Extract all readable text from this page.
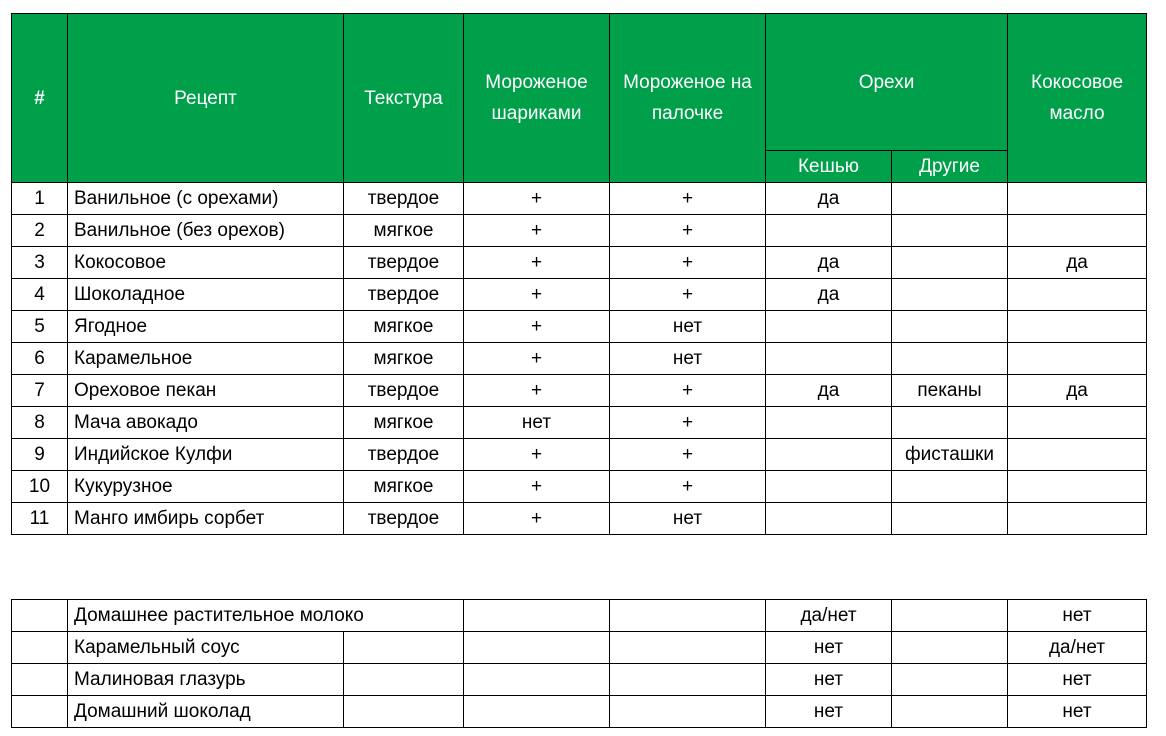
#	Рецепт	Текстура	Мороженое шариками	Мороженое на палочке	Орехи		Кокосовое масло
					Кешью	Другие	
1	Ванильное (с орехами)	твердое	+	+	да		
2	Ванильное (без орехов)	мягкое	+	+			
3	Кокосовое	твердое	+	+	да		да
4	Шоколадное	твердое	+	+	да		
5	Ягодное	мягкое	+	нет			
6	Карамельное	мягкое	+	нет			
7	Ореховое пекан	твердое	+	+	да	пеканы	да
8	Мача авокадо	мягкое	нет	+			
9	Индийское Кулфи	твердое	+	+		фисташки	
10	Кукурузное	мягкое	+	+			
11	Манго имбирь сорбет	твердое	+	нет			
	Домашнее растительное молоко				да/нет		нет
	Карамельный соус				нет		да/нет
	Малиновая глазурь				нет		нет
	Домашний шоколад				нет		нет
